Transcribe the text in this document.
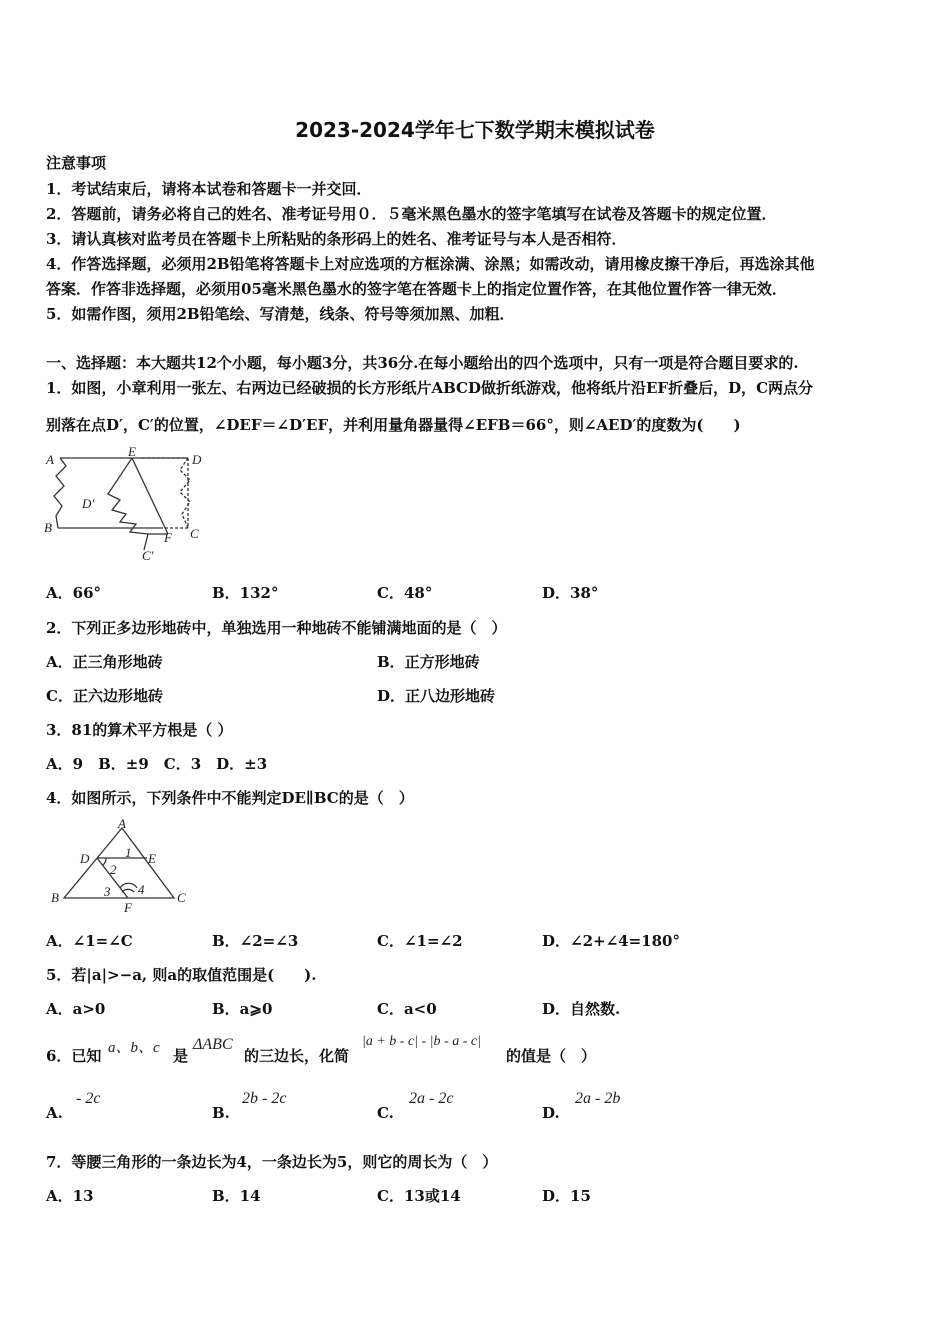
2023-2024学年七下数学期末模拟试卷
注意事项
1．考试结束后，请将本试卷和答题卡一并交回．
2．答题前，请务必将自己的姓名、准考证号用０．５毫米黑色墨水的签字笔填写在试卷及答题卡的规定位置．
3．请认真核对监考员在答题卡上所粘贴的条形码上的姓名、准考证号与本人是否相符．
4．作答选择题，必须用2B铅笔将答题卡上对应选项的方框涂满、涂黑；如需改动，请用橡皮擦干净后，再选涂其他
答案．作答非选择题，必须用05毫米黑色墨水的签字笔在答题卡上的指定位置作答，在其他位置作答一律无效．
5．如需作图，须用2B铅笔绘、写清楚，线条、符号等须加黑、加粗．
一、选择题：本大题共12个小题，每小题3分，共36分.在每小题给出的四个选项中，只有一项是符合题目要求的.
1．如图，小章利用一张左、右两边已经破损的长方形纸片ABCD做折纸游戏，他将纸片沿EF折叠后，D，C两点分
别落在点D′，C′的位置，∠DEF＝∠D′EF，并利用量角器量得∠EFB＝66°，则∠AED′的度数为(　　)
A
E
D
D'
B
F C
C'
A．66°	B．132°	C．48°	D．38°
2．下列正多边形地砖中，单独选用一种地砖不能铺满地面的是（　）
A．正三角形地砖	B．正方形地砖
C．正六边形地砖	D．正八边形地砖
3．81的算术平方根是（ ）
A．9　B．±9　C．3　D．±3
4．如图所示，下列条件中不能判定DE∥BC的是（　）
A
D	E
B	C
F
1
2
3 4
A．∠1=∠C	B．∠2=∠3	C．∠1=∠2	D．∠2+∠4=180°
5．若|a|>−a, 则a的取值范围是(　　).
A．a>0	B．a⩾0	C．a<0	D．自然数.
6．已知 a、b、c 是
ΔABC
的三边长，化简
|a + b - c| - |b - a - c|
的值是（　）
A.
- 2c
B.
2b - 2c
C.
2a - 2c
D.
2a - 2b
7．等腰三角形的一条边长为4，一条边长为5，则它的周长为（　）
A．13	B．14	C．13或14	D．15
